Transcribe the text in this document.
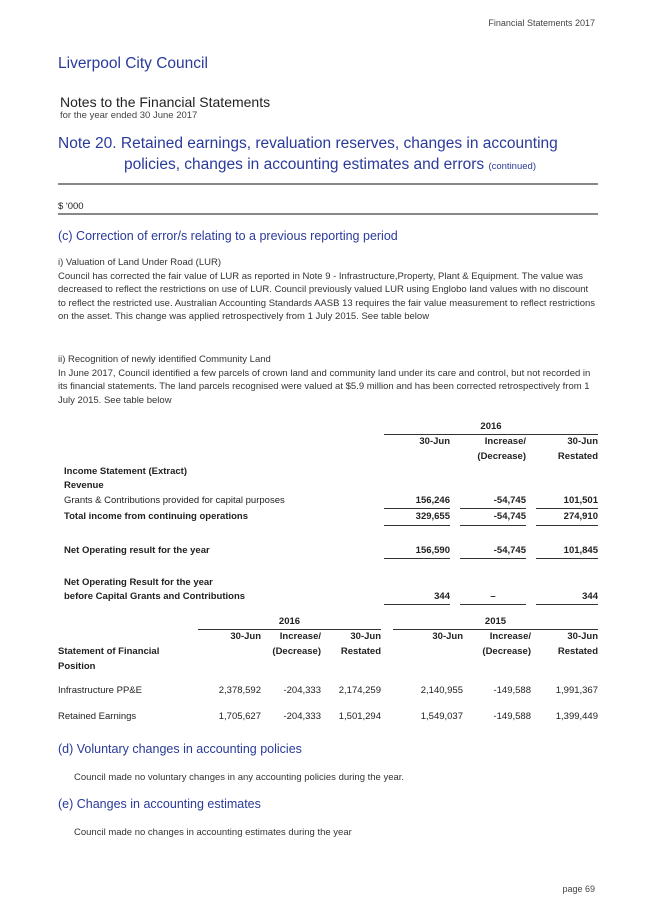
Financial Statements 2017
Liverpool City Council
Notes to the Financial Statements
for the year ended 30 June 2017
Note 20. Retained earnings, revaluation reserves, changes in accounting
policies, changes in accounting estimates and errors (continued)
$ '000
(c) Correction of error/s relating to a previous reporting period

i) Valuation of Land Under Road (LUR)

Council has corrected the fair value of LUR as reported in Note 9 - Infrastructure,Property, Plant & Equipment. The value was decreased to reflect the restrictions on use of LUR. Council previously valued LUR using Englobo land values with no discount to reflect the restricted use. Australian Accounting Standards AASB 13 requires the fair value measurement to reflect restrictions on the asset. This change was applied retrospectively from 1 July 2015. See table below

ii) Recognition of newly identified Community Land

In June 2017, Council identified a few parcels of crown land and community land under its care and control, but not recorded in its financial statements. The land parcels recognised were valued at $5.9 million and has been corrected retrospectively from 1 July 2015. See table below

	2016				
	30-Jun		Increase/		30-Jun
			(Decrease)		Restated
Income Statement (Extract)					
Revenue					
Grants & Contributions provided for capital purposes	156,246		-54,745		101,501
Total income from continuing operations	329,655		-54,745		274,910

Net Operating result for the year	156,590		-54,745		101,845

Net Operating Result for the year					
before Capital Grants and Contributions	344		–		344
	2016				2015		
	30-Jun	Increase/	30-Jun		30-Jun	Increase/	30-Jun
Statement of Financial		(Decrease)	Restated			(Decrease)	Restated
Position							

Infrastructure PP&E	2,378,592	-204,333	2,174,259		2,140,955	-149,588	1,991,367

Retained Earnings	1,705,627	-204,333	1,501,294		1,549,037	-149,588	1,399,449
(d) Voluntary changes in accounting policies
Council made no voluntary changes in any accounting policies during the year.
(e) Changes in accounting estimates
Council made no changes in accounting estimates during the year
page 69
